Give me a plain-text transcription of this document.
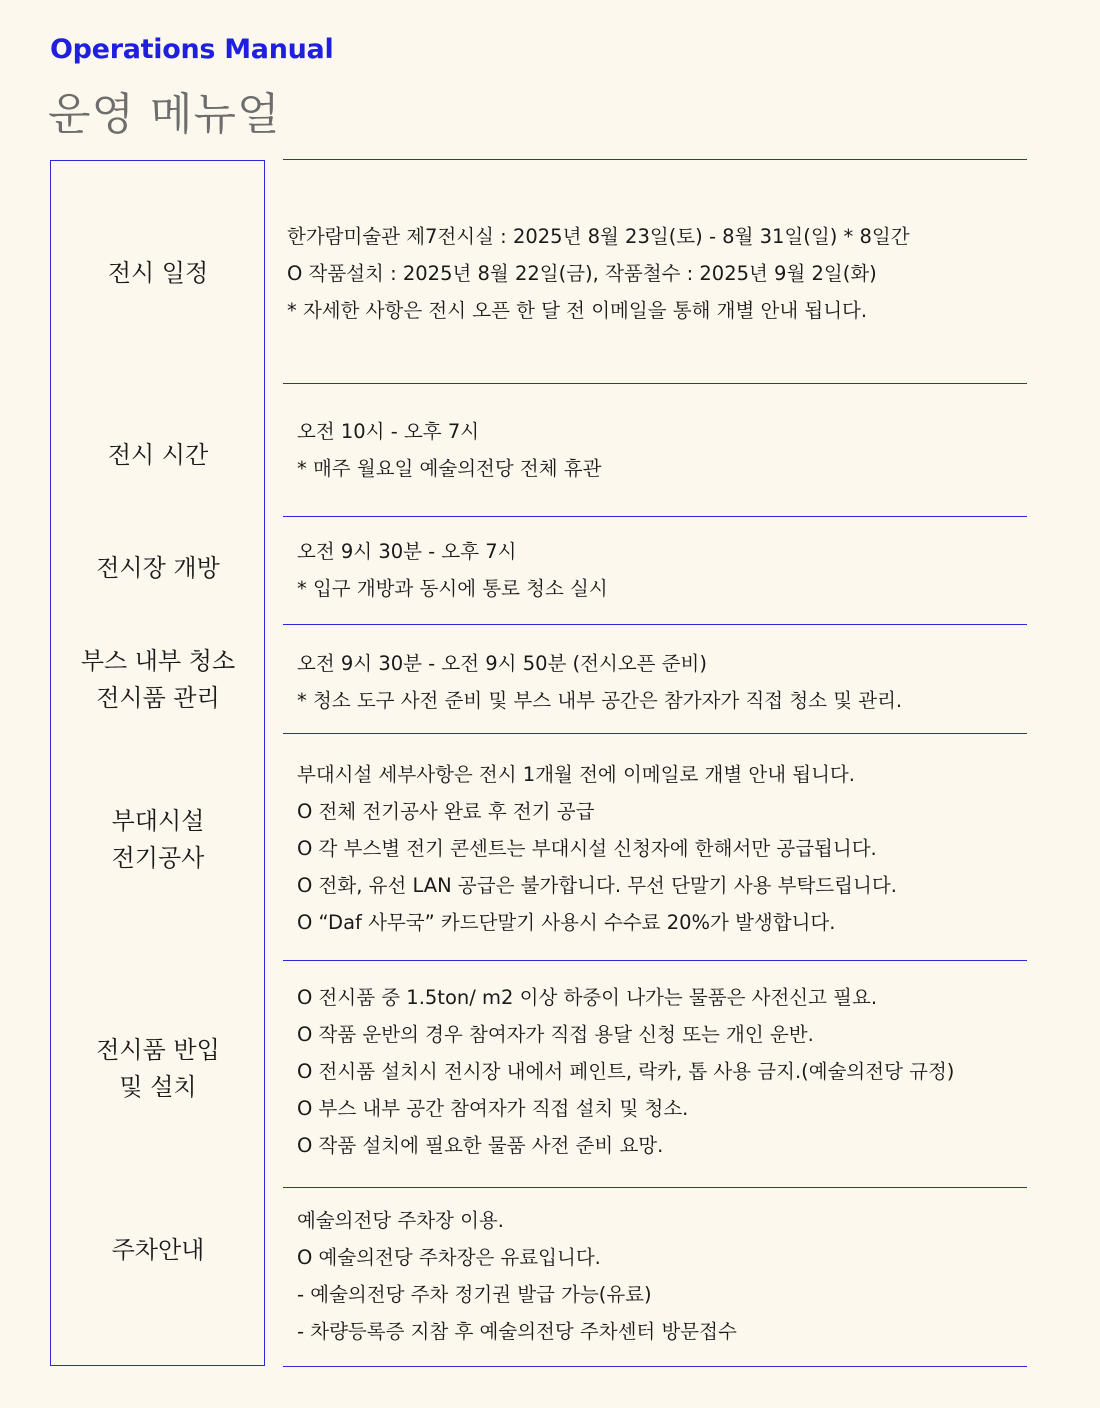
Operations Manual
운영 메뉴얼
전시 일정
한가람미술관 제7전시실 : 2025년 8월 23일(토) - 8월 31일(일) * 8일간
O 작품설치 : 2025년 8월 22일(금), 작품철수 : 2025년 9월 2일(화)
* 자세한 사항은 전시 오픈 한 달 전 이메일을 통해 개별 안내 됩니다.
전시 시간
오전 10시 - 오후 7시
* 매주 월요일 예술의전당 전체 휴관
전시장 개방
오전 9시 30분 - 오후 7시
* 입구 개방과 동시에 통로 청소 실시
부스 내부 청소
전시품 관리
오전 9시 30분 - 오전 9시 50분 (전시오픈 준비)
* 청소 도구 사전 준비 및 부스 내부 공간은 참가자가 직접 청소 및 관리.
부대시설
전기공사
부대시설 세부사항은 전시 1개월 전에 이메일로 개별 안내 됩니다.
O 전체 전기공사 완료 후 전기 공급
O 각 부스별 전기 콘센트는 부대시설 신청자에 한해서만 공급됩니다.
O 전화, 유선 LAN 공급은 불가합니다. 무선 단말기 사용 부탁드립니다.
O “Daf 사무국” 카드단말기 사용시 수수료 20%가 발생합니다.
전시품 반입
및 설치
O 전시품 중 1.5ton/ m2 이상 하중이 나가는 물품은 사전신고 필요.
O 작품 운반의 경우 참여자가 직접 용달 신청 또는 개인 운반.
O 전시품 설치시 전시장 내에서 페인트, 락카, 톱 사용 금지.(예술의전당 규정)
O 부스 내부 공간 참여자가 직접 설치 및 청소.
O 작품 설치에 필요한 물품 사전 준비 요망.
주차안내
예술의전당 주차장 이용.
O 예술의전당 주차장은 유료입니다.
- 예술의전당 주차 정기권 발급 가능(유료)
- 차량등록증 지참 후 예술의전당 주차센터 방문접수
